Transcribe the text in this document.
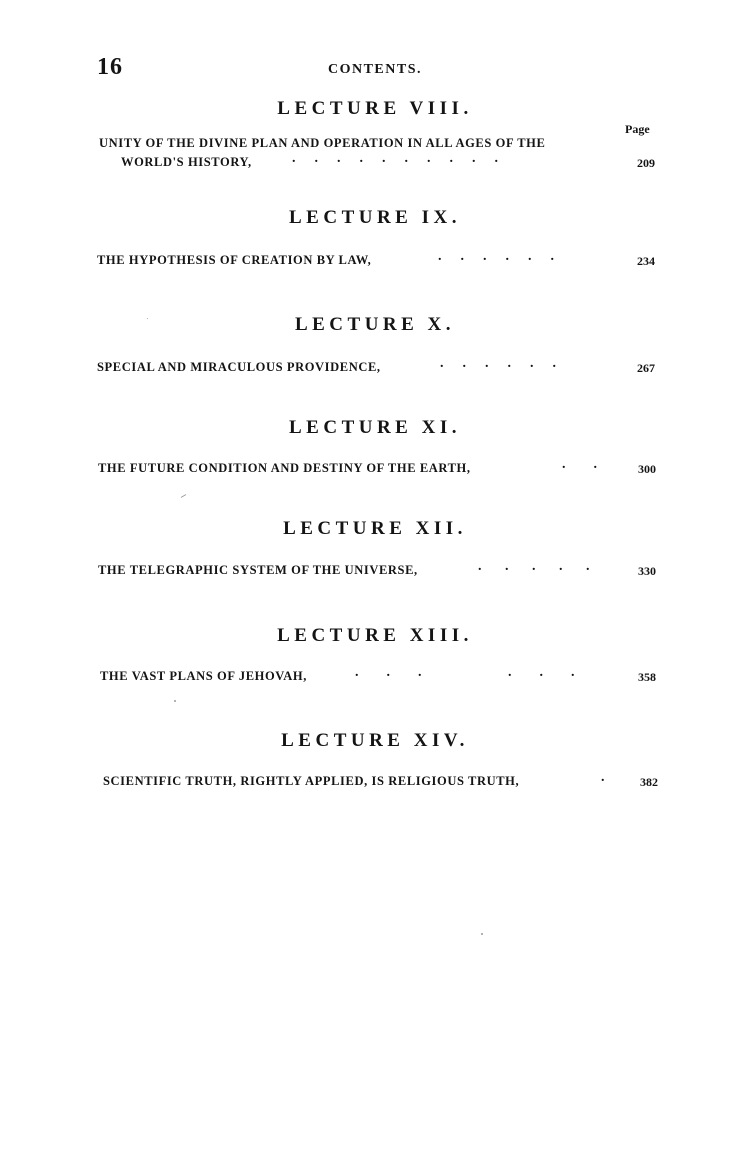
16	CONTENTS.
LECTURE VIII.
Page
UNITY OF THE DIVINE PLAN AND OPERATION IN ALL AGES OF THE
WORLD'S HISTORY,	.    .    .    .    .    .    .    .    .    .	209
LECTURE IX.
THE HYPOTHESIS OF CREATION BY LAW,	.    .    .    .    .    .	234
LECTURE X.
SPECIAL AND MIRACULOUS PROVIDENCE,	.    .    .    .    .    .	267
LECTURE XI.
THE FUTURE CONDITION AND DESTINY OF THE EARTH,	.      .	300
LECTURE XII.
THE TELEGRAPHIC SYSTEM OF THE UNIVERSE,	.     .     .     .     .	330
LECTURE XIII.
THE VAST PLANS OF JEHOVAH,	.      .      .                   .      .      .	358
LECTURE XIV.
SCIENTIFIC TRUTH, RIGHTLY APPLIED, IS RELIGIOUS TRUTH,	.	382
